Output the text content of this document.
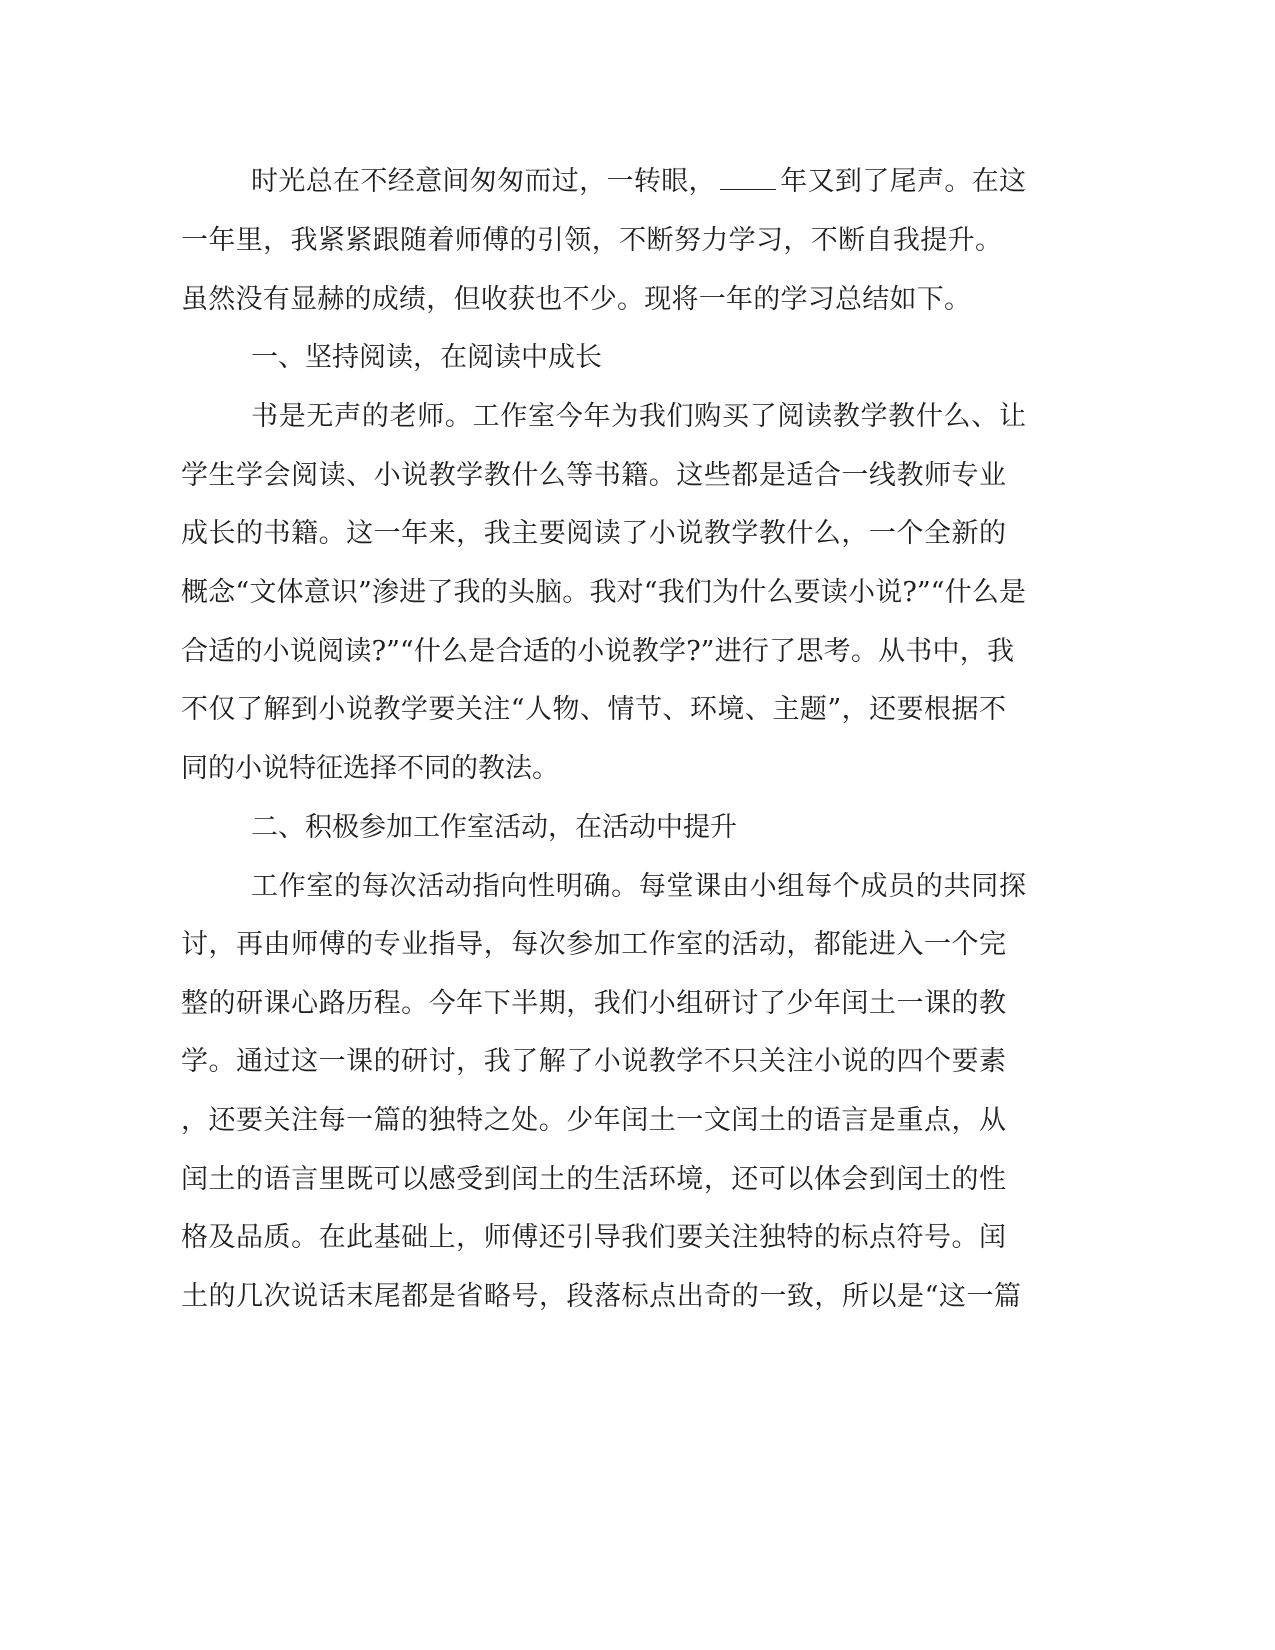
时光总在不经意间匆匆而过，一转眼， 年又到了尾声。在这

一年里，我紧紧跟随着师傅的引领，不断努力学习，不断自我提升。

虽然没有显赫的成绩，但收获也不少。现将一年的学习总结如下。

一、坚持阅读，在阅读中成长

书是无声的老师。工作室今年为我们购买了阅读教学教什么、让

学生学会阅读、小说教学教什么等书籍。这些都是适合一线教师专业

成长的书籍。这一年来，我主要阅读了小说教学教什么，一个全新的

概念“文体意识”渗进了我的头脑。我对“我们为什么要读小说?”“什么是

合适的小说阅读?”“什么是合适的小说教学?”进行了思考。从书中，我

不仅了解到小说教学要关注“人物、情节、环境、主题”，还要根据不

同的小说特征选择不同的教法。

二、积极参加工作室活动，在活动中提升

工作室的每次活动指向性明确。每堂课由小组每个成员的共同探

讨，再由师傅的专业指导，每次参加工作室的活动，都能进入一个完

整的研课心路历程。今年下半期，我们小组研讨了少年闰土一课的教

学。通过这一课的研讨，我了解了小说教学不只关注小说的四个要素

，还要关注每一篇的独特之处。少年闰土一文闰土的语言是重点，从

闰土的语言里既可以感受到闰土的生活环境，还可以体会到闰土的性

格及品质。在此基础上，师傅还引导我们要关注独特的标点符号。闰

土的几次说话末尾都是省略号，段落标点出奇的一致，所以是“这一篇
